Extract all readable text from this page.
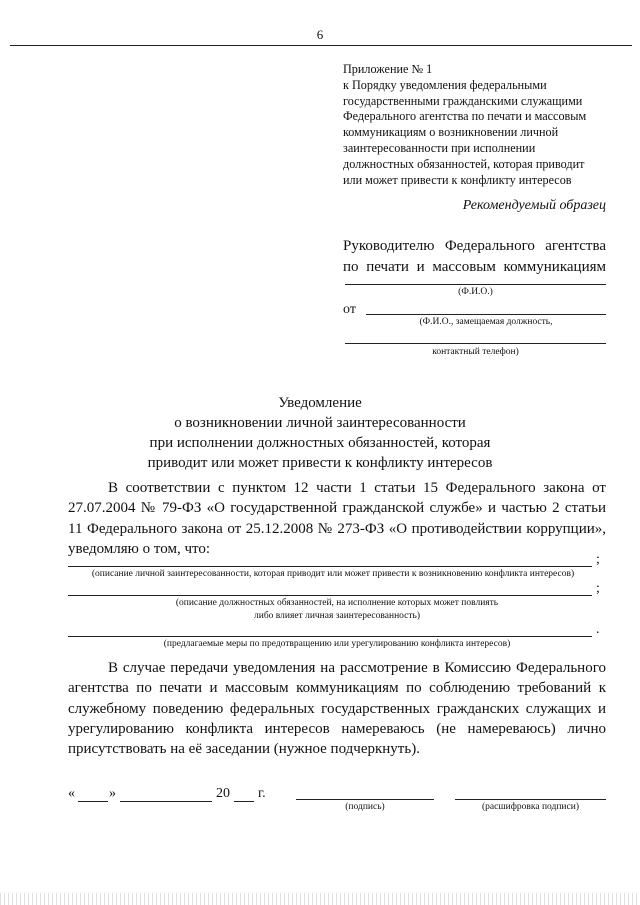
6
Приложение № 1
к Порядку уведомления федеральными
государственными гражданскими служащими
Федерального агентства по печати и массовым
коммуникациям о возникновении личной
заинтересованности при исполнении
должностных обязанностей, которая приводит
или может привести к конфликту интересов
Рекомендуемый образец
Руководителю Федерального агентства по печати и массовым коммуникациям
(Ф.И.О.)
от
(Ф.И.О., замещаемая должность,
контактный телефон)
Уведомление
о возникновении личной заинтересованности
при исполнении должностных обязанностей, которая
приводит или может привести к конфликту интересов

В соответствии с пунктом 12 части 1 статьи 15 Федерального закона от 27.07.2004 № 79-ФЗ «О государственной гражданской службе» и частью 2 статьи 11 Федерального закона от 25.12.2008 № 273-ФЗ «О противодействии коррупции», уведомляю о том, что:

;
(описание личной заинтересованности, которая приводит или может привести к возникновению конфликта интересов)
;
(описание должностных обязанностей, на исполнение которых может повлиять
либо влияет личная заинтересованность)
.
(предлагаемые меры по предотвращению или урегулированию конфликта интересов)

В случае передачи уведомления на рассмотрение в Комиссию Федерального агентства по печати и массовым коммуникациям по соблюдению требований к служебному поведению федеральных государственных гражданских служащих и урегулированию конфликта интересов намереваюсь (не намереваюсь) лично присутствовать на её заседании (нужное подчеркнуть).

« »	20 г.
(подпись)	(расшифровка подписи)
